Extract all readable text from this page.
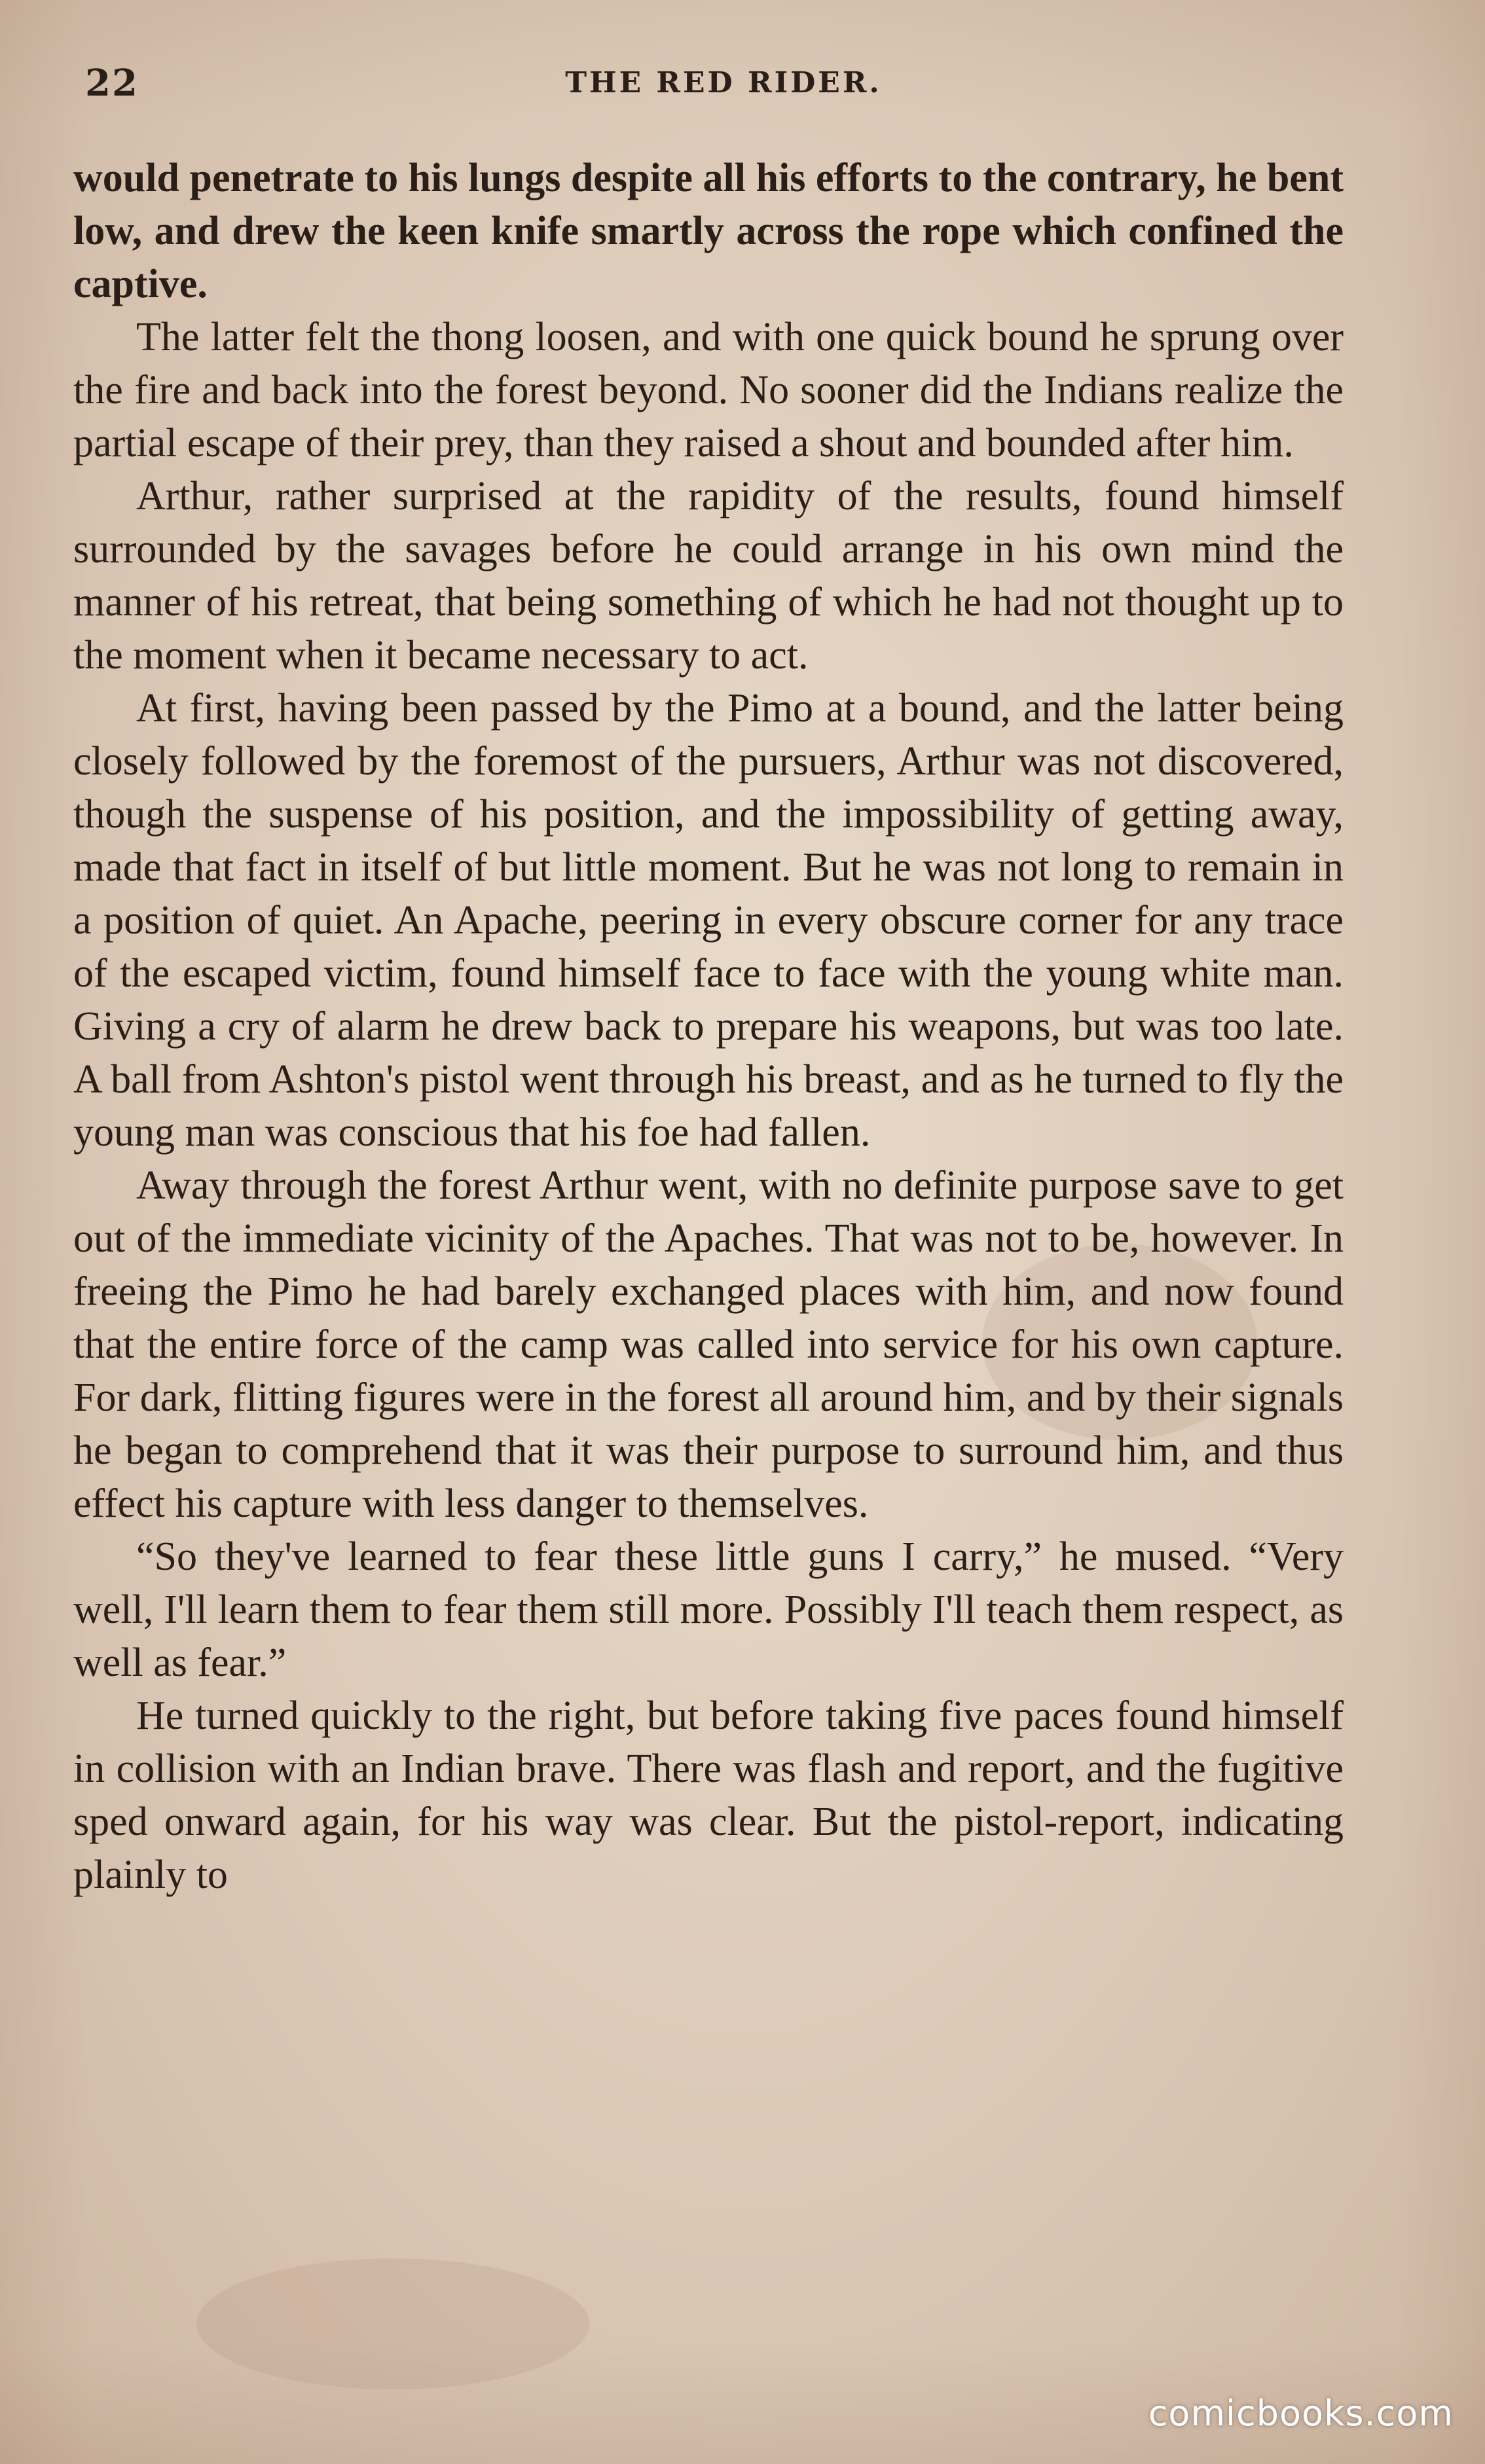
22	THE RED RIDER.

would penetrate to his lungs despite all his efforts to the contrary, he bent low, and drew the keen knife smartly across the rope which confined the captive.

The latter felt the thong loosen, and with one quick bound he sprung over the fire and back into the forest beyond. No sooner did the Indians realize the partial escape of their prey, than they raised a shout and bounded after him.

Arthur, rather surprised at the rapidity of the results, found himself surrounded by the savages before he could arrange in his own mind the manner of his retreat, that being something of which he had not thought up to the moment when it became necessary to act.

At first, having been passed by the Pimo at a bound, and the latter being closely followed by the foremost of the pursuers, Arthur was not discovered, though the suspense of his position, and the impossibility of getting away, made that fact in itself of but little moment. But he was not long to remain in a position of quiet. An Apache, peering in every obscure corner for any trace of the escaped victim, found himself face to face with the young white man. Giving a cry of alarm he drew back to prepare his weapons, but was too late. A ball from Ashton's pistol went through his breast, and as he turned to fly the young man was conscious that his foe had fallen.

Away through the forest Arthur went, with no definite purpose save to get out of the immediate vicinity of the Apaches. That was not to be, however. In freeing the Pimo he had barely exchanged places with him, and now found that the entire force of the camp was called into service for his own capture. For dark, flitting figures were in the forest all around him, and by their signals he began to comprehend that it was their purpose to surround him, and thus effect his capture with less danger to themselves.

“So they've learned to fear these little guns I carry,” he mused. “Very well, I'll learn them to fear them still more. Possibly I'll teach them respect, as well as fear.”

He turned quickly to the right, but before taking five paces found himself in collision with an Indian brave. There was flash and report, and the fugitive sped onward again, for his way was clear. But the pistol-report, indicating plainly to

comicbooks.com
